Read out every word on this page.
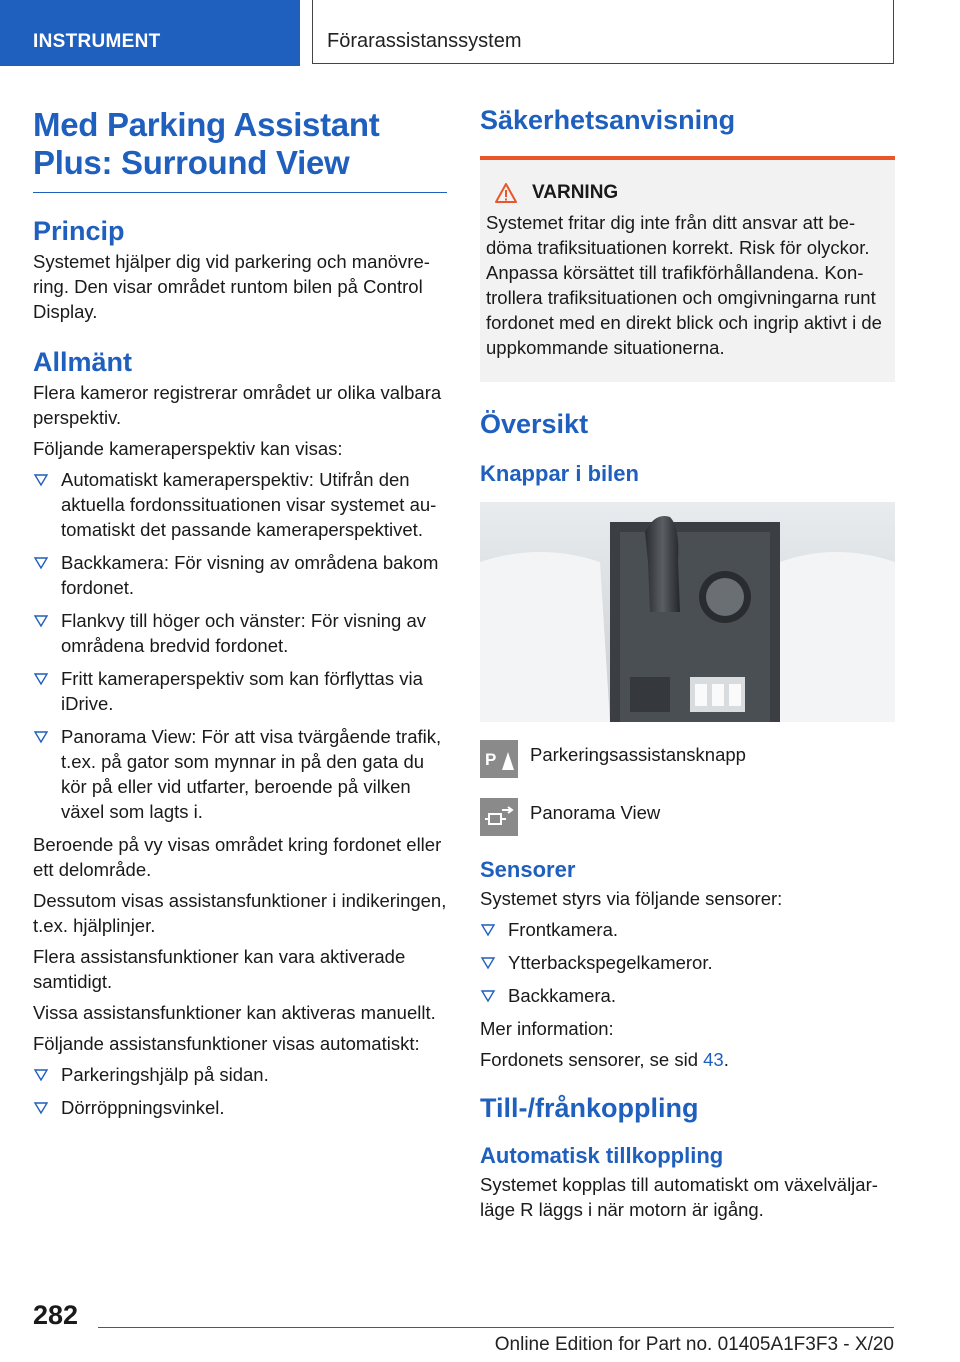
INSTRUMENT	Förarassistanssystem
Med Parking Assistant Plus: Surround View
Princip

Systemet hjälper dig vid parkering och manövrering. Den visar området runtom bilen på Control Display.

Allmänt

Flera kameror registrerar området ur olika valbara perspektiv.

Följande kameraperspektiv kan visas:

Automatiskt kameraperspektiv: Utifrån den aktuella fordonssituationen visar systemet automatiskt det passande kameraperspektivet.
Backkamera: För visning av områdena bakom fordonet.
Flankvy till höger och vänster: För visning av områdena bredvid fordonet.
Fritt kameraperspektiv som kan förflyttas via iDrive.
Panorama View: För att visa tvärgående trafik, t.ex. på gator som mynnar in på den gata du kör på eller vid utfarter, beroende på vilken växel som lagts i.

Beroende på vy visas området kring fordonet eller ett delområde.

Dessutom visas assistansfunktioner i indikeringen, t.ex. hjälplinjer.

Flera assistansfunktioner kan vara aktiverade samtidigt.

Vissa assistansfunktioner kan aktiveras manuellt.

Följande assistansfunktioner visas automatiskt:

Parkeringshjälp på sidan.
Dörröppningsvinkel.
Säkerhetsanvisning
VARNING

Systemet fritar dig inte från ditt ansvar att bedöma trafiksituationen korrekt. Risk för olyckor. Anpassa körsättet till trafikförhållandena. Kontrollera trafiksituationen och omgivningarna runt fordonet med en direkt blick och ingrip aktivt i de uppkommande situationerna.

Översikt
Knappar i bilen
P Parkeringsassistansknapp
Panorama View
Sensorer

Systemet styrs via följande sensorer:

Frontkamera.
Ytterbackspegelkameror.
Backkamera.

Mer information:

Fordonets sensorer, se sid 43.

Till-/frånkoppling
Automatisk tillkoppling

Systemet kopplas till automatiskt om växelväljarläge R läggs i när motorn är igång.

282
Online Edition for Part no. 01405A1F3F3 - X/20
